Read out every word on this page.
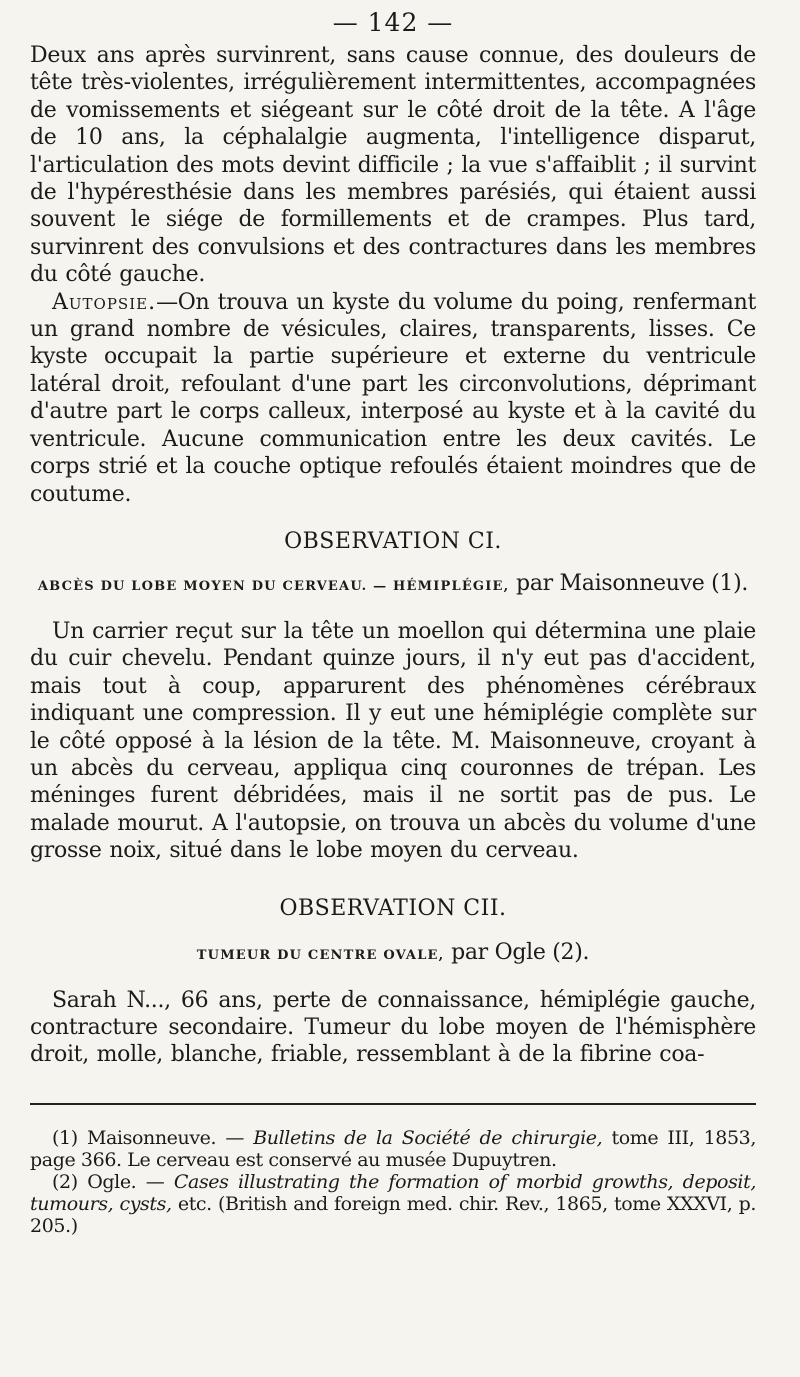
— 142 —

Deux ans après survinrent, sans cause connue, des douleurs de tête très-violentes, irrégulièrement intermittentes, accompagnées de vomissements et siégeant sur le côté droit de la tête. A l'âge de 10 ans, la céphalalgie augmenta, l'intelligence disparut, l'articulation des mots devint difficile ; la vue s'affaiblit ; il survint de l'hypéresthésie dans les membres parésiés, qui étaient aussi souvent le siége de formillements et de crampes. Plus tard, survinrent des convulsions et des contractures dans les membres du côté gauche.

Autopsie.—On trouva un kyste du volume du poing, renfermant un grand nombre de vésicules, claires, transparents, lisses. Ce kyste occupait la partie supérieure et externe du ventricule latéral droit, refoulant d'une part les circonvolutions, déprimant d'autre part le corps calleux, interposé au kyste et à la cavité du ventricule. Aucune communication entre les deux cavités. Le corps strié et la couche optique refoulés étaient moindres que de coutume.

OBSERVATION CI.

ABCÈS DU LOBE MOYEN DU CERVEAU. — HÉMIPLÉGIE, par Maisonneuve (1).

Un carrier reçut sur la tête un moellon qui détermina une plaie du cuir chevelu. Pendant quinze jours, il n'y eut pas d'accident, mais tout à coup, apparurent des phénomènes cérébraux indiquant une compression. Il y eut une hémiplégie complète sur le côté opposé à la lésion de la tête. M. Maisonneuve, croyant à un abcès du cerveau, appliqua cinq couronnes de trépan. Les méninges furent débridées, mais il ne sortit pas de pus. Le malade mourut. A l'autopsie, on trouva un abcès du volume d'une grosse noix, situé dans le lobe moyen du cerveau.

OBSERVATION CII.

TUMEUR DU CENTRE OVALE, par Ogle (2).

Sarah N..., 66 ans, perte de connaissance, hémiplégie gauche, contracture secondaire. Tumeur du lobe moyen de l'hémisphère droit, molle, blanche, friable, ressemblant à de la fibrine coa-

(1) Maisonneuve. — Bulletins de la Société de chirurgie, tome III, 1853, page 366. Le cerveau est conservé au musée Dupuytren.

(2) Ogle. — Cases illustrating the formation of morbid growths, deposit, tumours, cysts, etc. (British and foreign med. chir. Rev., 1865, tome XXXVI, p. 205.)
